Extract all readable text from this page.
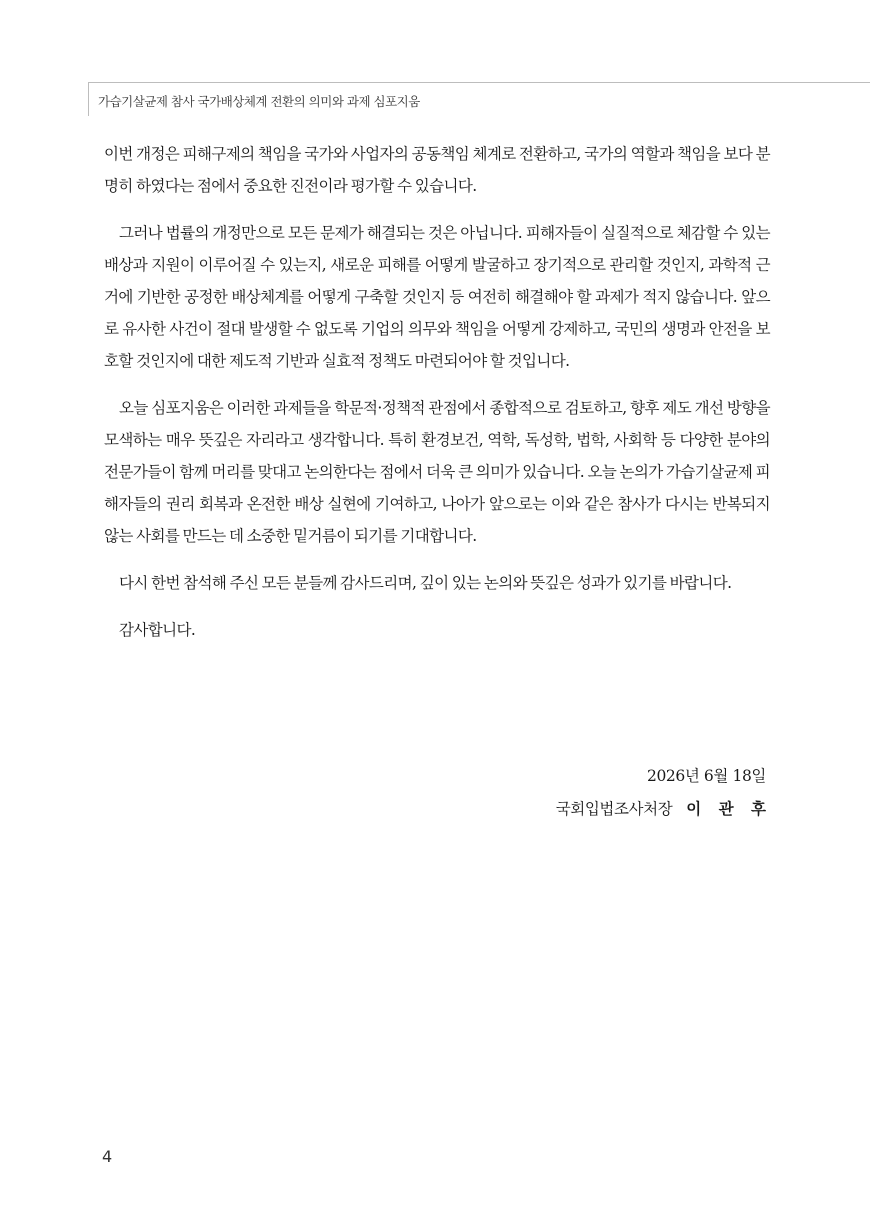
가습기살균제 참사 국가배상체계 전환의 의미와 과제 심포지움

이번 개정은 피해구제의 책임을 국가와 사업자의 공동책임 체계로 전환하고, 국가의 역할과 책임을 보다 분명히 하였다는 점에서 중요한 진전이라 평가할 수 있습니다.

그러나 법률의 개정만으로 모든 문제가 해결되는 것은 아닙니다. 피해자들이 실질적으로 체감할 수 있는 배상과 지원이 이루어질 수 있는지, 새로운 피해를 어떻게 발굴하고 장기적으로 관리할 것인지, 과학적 근거에 기반한 공정한 배상체계를 어떻게 구축할 것인지 등 여전히 해결해야 할 과제가 적지 않습니다. 앞으로 유사한 사건이 절대 발생할 수 없도록 기업의 의무와 책임을 어떻게 강제하고, 국민의 생명과 안전을 보호할 것인지에 대한 제도적 기반과 실효적 정책도 마련되어야 할 것입니다.

오늘 심포지움은 이러한 과제들을 학문적·정책적 관점에서 종합적으로 검토하고, 향후 제도 개선 방향을 모색하는 매우 뜻깊은 자리라고 생각합니다. 특히 환경보건, 역학, 독성학, 법학, 사회학 등 다양한 분야의 전문가들이 함께 머리를 맞대고 논의한다는 점에서 더욱 큰 의미가 있습니다. 오늘 논의가 가습기살균제 피해자들의 권리 회복과 온전한 배상 실현에 기여하고, 나아가 앞으로는 이와 같은 참사가 다시는 반복되지 않는 사회를 만드는 데 소중한 밑거름이 되기를 기대합니다.

다시 한번 참석해 주신 모든 분들께 감사드리며, 깊이 있는 논의와 뜻깊은 성과가 있기를 바랍니다.

감사합니다.

2026년 6월 18일
국회입법조사처장 이 관 후
4
